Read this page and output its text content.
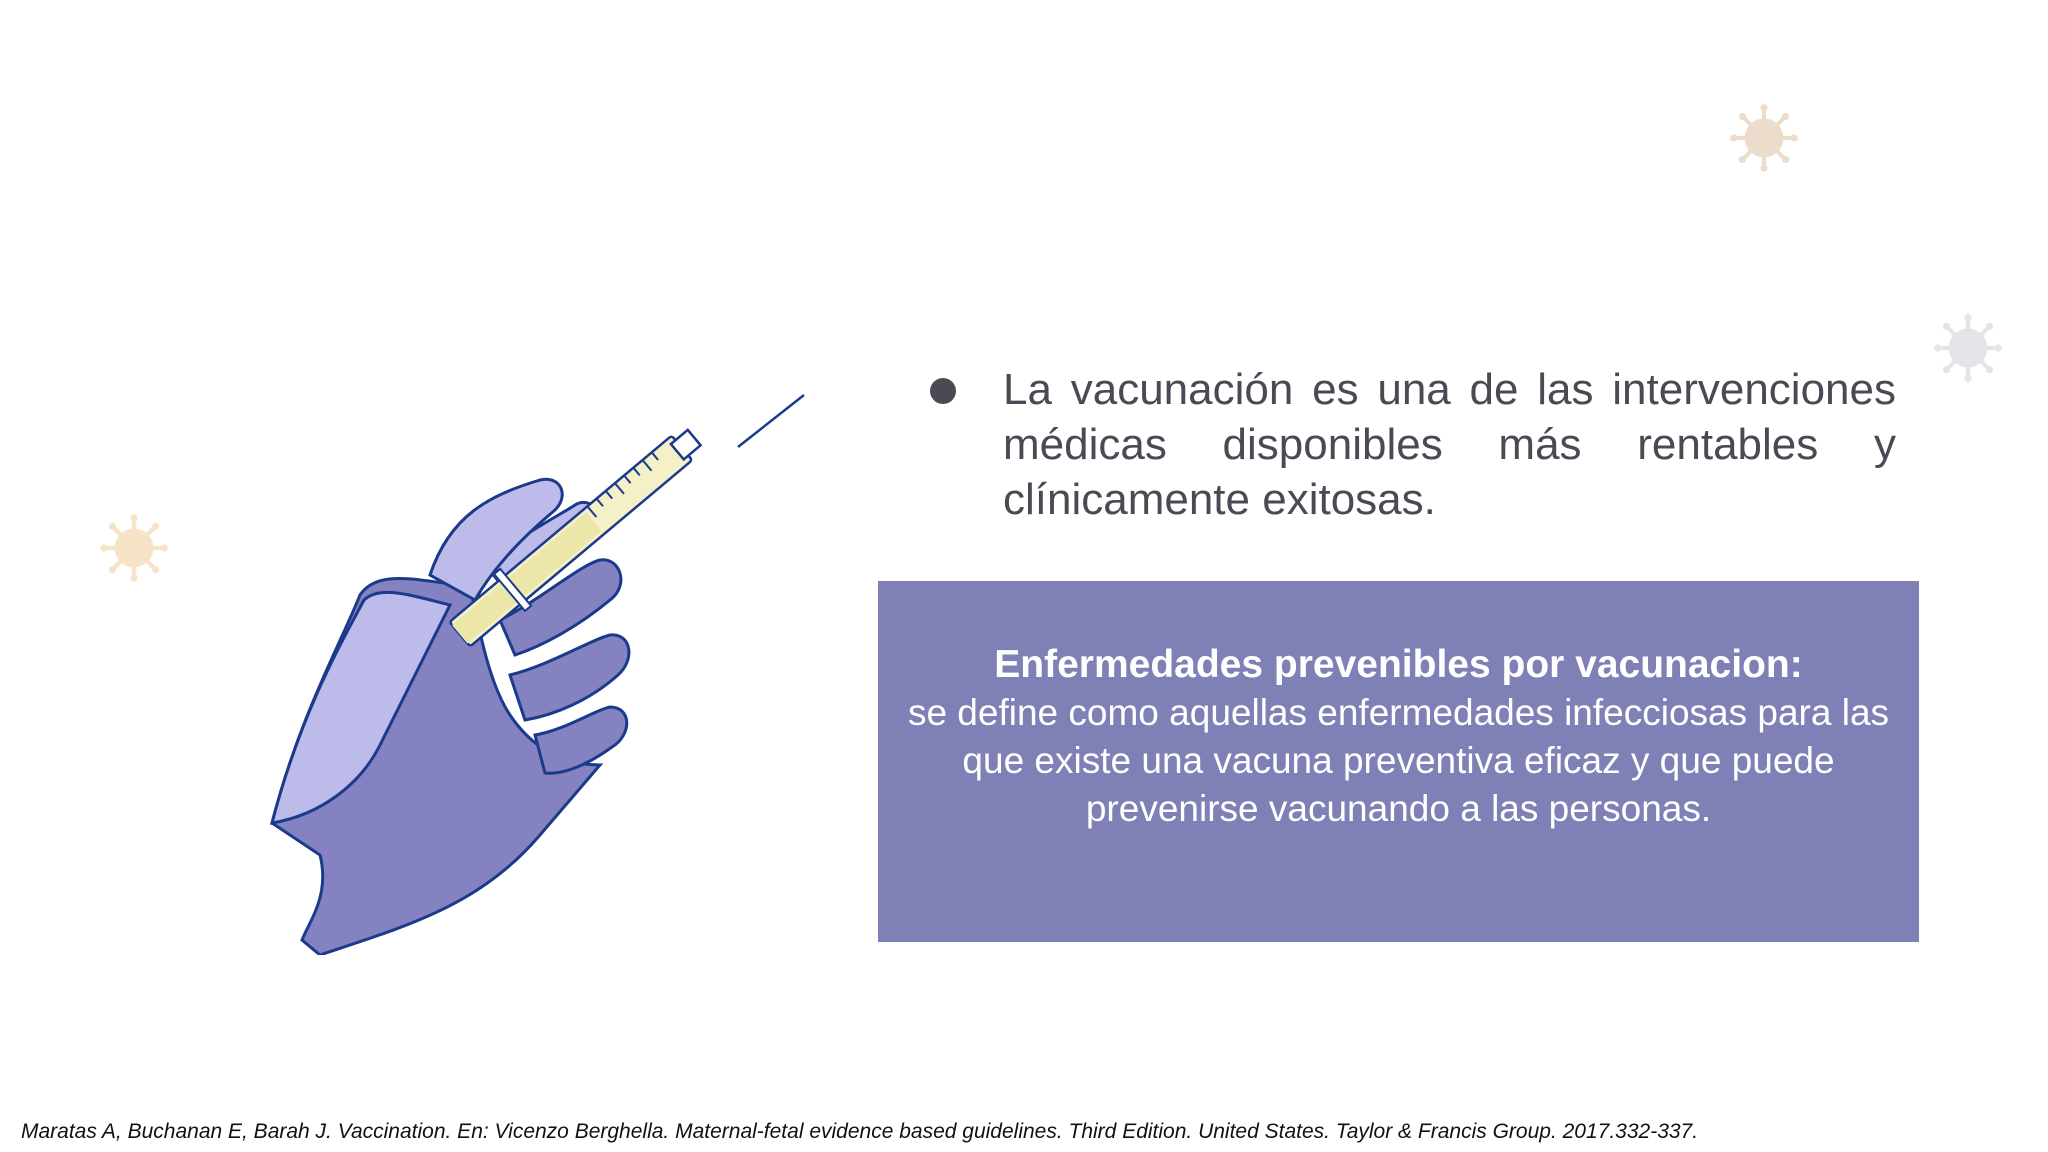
La vacunación es una de las intervenciones médicas disponibles más rentables y clínicamente exitosas.
Enfermedades prevenibles por vacunacion:
se define como aquellas enfermedades infecciosas para las que existe una vacuna preventiva eficaz y que puede prevenirse vacunando a las personas.
Maratas A, Buchanan E, Barah J. Vaccination. En: Vicenzo Berghella. Maternal-fetal evidence based guidelines. Third Edition. United States. Taylor & Francis Group. 2017.332-337.
